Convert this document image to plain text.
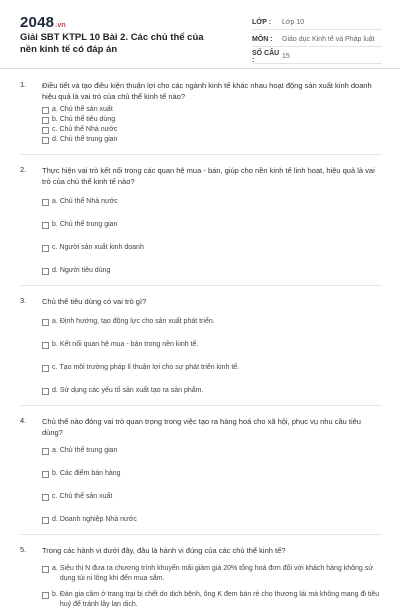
2048.vn
Giải SBT KTPL 10 Bài 2. Các chủ thể của nền kinh tế có đáp án
LỚP :	Lớp 10
MÔN :	Giáo dục Kinh tế và Pháp luật
SỐ CÂU :	15
1. Điều tiết và tạo điều kiện thuận lợi cho các ngành kinh tế khác nhau hoạt động sản xuất kinh doanh hiệu quả là vai trò của chủ thể kinh tế nào?

a. Chủ thể sản xuất
b. Chủ thể tiêu dùng
c. Chủ thể Nhà nước
d. Chủ thể trung gian
2. Thực hiện vai trò kết nối trong các quan hệ mua - bán, giúp cho nền kinh tế linh hoạt, hiệu quả là vai trò của chủ thể kinh tế nào?

a. Chủ thể Nhà nước
b. Chủ thể trung gian
c. Người sản xuất kinh doanh
d. Người tiêu dùng
3. Chủ thể tiêu dùng có vai trò gì?

a. Định hướng, tạo động lực cho sản xuất phát triển.
b. Kết nối quan hệ mua - bán trong nền kinh tế.
c. Tạo môi trường pháp lí thuận lợi cho sự phát triển kinh tế.
d. Sử dụng các yếu tố sản xuất tạo ra sản phẩm.
4. Chủ thể nào đóng vai trò quan trọng trong việc tạo ra hàng hoá cho xã hội, phục vụ nhu cầu tiêu dùng?

a. Chủ thể trung gian
b. Các điểm bán hàng
c. Chủ thể sản xuất
d. Doanh nghiệp Nhà nước
5. Trong các hành vi dưới đây, đâu là hành vi đúng của các chủ thể kinh tế?

a. Siêu thị N đưa ra chương trình khuyến mãi giảm giá 20% tổng hoá đơn đối với khách hàng không sử dụng túi ni lông khi đến mua sắm.
b. Đàn gia cầm ở trang trại bị chết do dịch bệnh, ông K đem bán rẻ cho thương lái mà không mang đi tiêu huỷ để tránh lây lan dịch.
